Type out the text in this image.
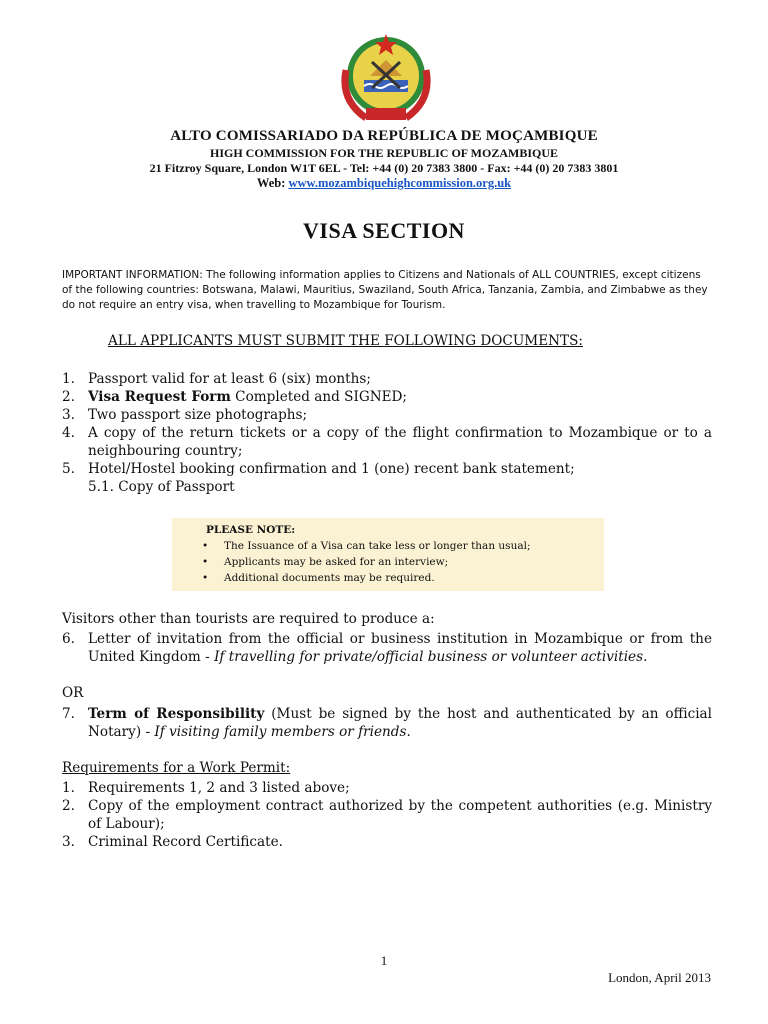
ALTO COMISSARIADO DA REPÚBLICA DE MOÇAMBIQUE
HIGH COMMISSION FOR THE REPUBLIC OF MOZAMBIQUE
21 Fitzroy Square, London W1T 6EL - Tel: +44 (0) 20 7383 3800 - Fax: +44 (0) 20 7383 3801
Web: www.mozambiquehighcommission.org.uk
VISA SECTION
IMPORTANT INFORMATION: The following information applies to Citizens and Nationals of ALL COUNTRIES, except citizens of the following countries: Botswana, Malawi, Mauritius, Swaziland, South Africa, Tanzania, Zambia, and Zimbabwe as they do not require an entry visa, when travelling to Mozambique for Tourism.
ALL APPLICANTS MUST SUBMIT THE FOLLOWING DOCUMENTS:
1. Passport valid for at least 6 (six) months;
2. Visa Request Form Completed and SIGNED;
3. Two passport size photographs;
4. A copy of the return tickets or a copy of the flight confirmation to Mozambique or to a neighbouring country;
5. Hotel/Hostel booking confirmation and 1 (one) recent bank statement;
5.1. Copy of Passport
PLEASE NOTE:
• The Issuance of a Visa can take less or longer than usual;
• Applicants may be asked for an interview;
• Additional documents may be required.
Visitors other than tourists are required to produce a:
6. Letter of invitation from the official or business institution in Mozambique or from the United Kingdom - If travelling for private/official business or volunteer activities.
OR
7. Term of Responsibility (Must be signed by the host and authenticated by an official Notary) - If visiting family members or friends.
Requirements for a Work Permit:
1. Requirements 1, 2 and 3 listed above;
2. Copy of the employment contract authorized by the competent authorities (e.g. Ministry of Labour);
3. Criminal Record Certificate.
1
London, April 2013
